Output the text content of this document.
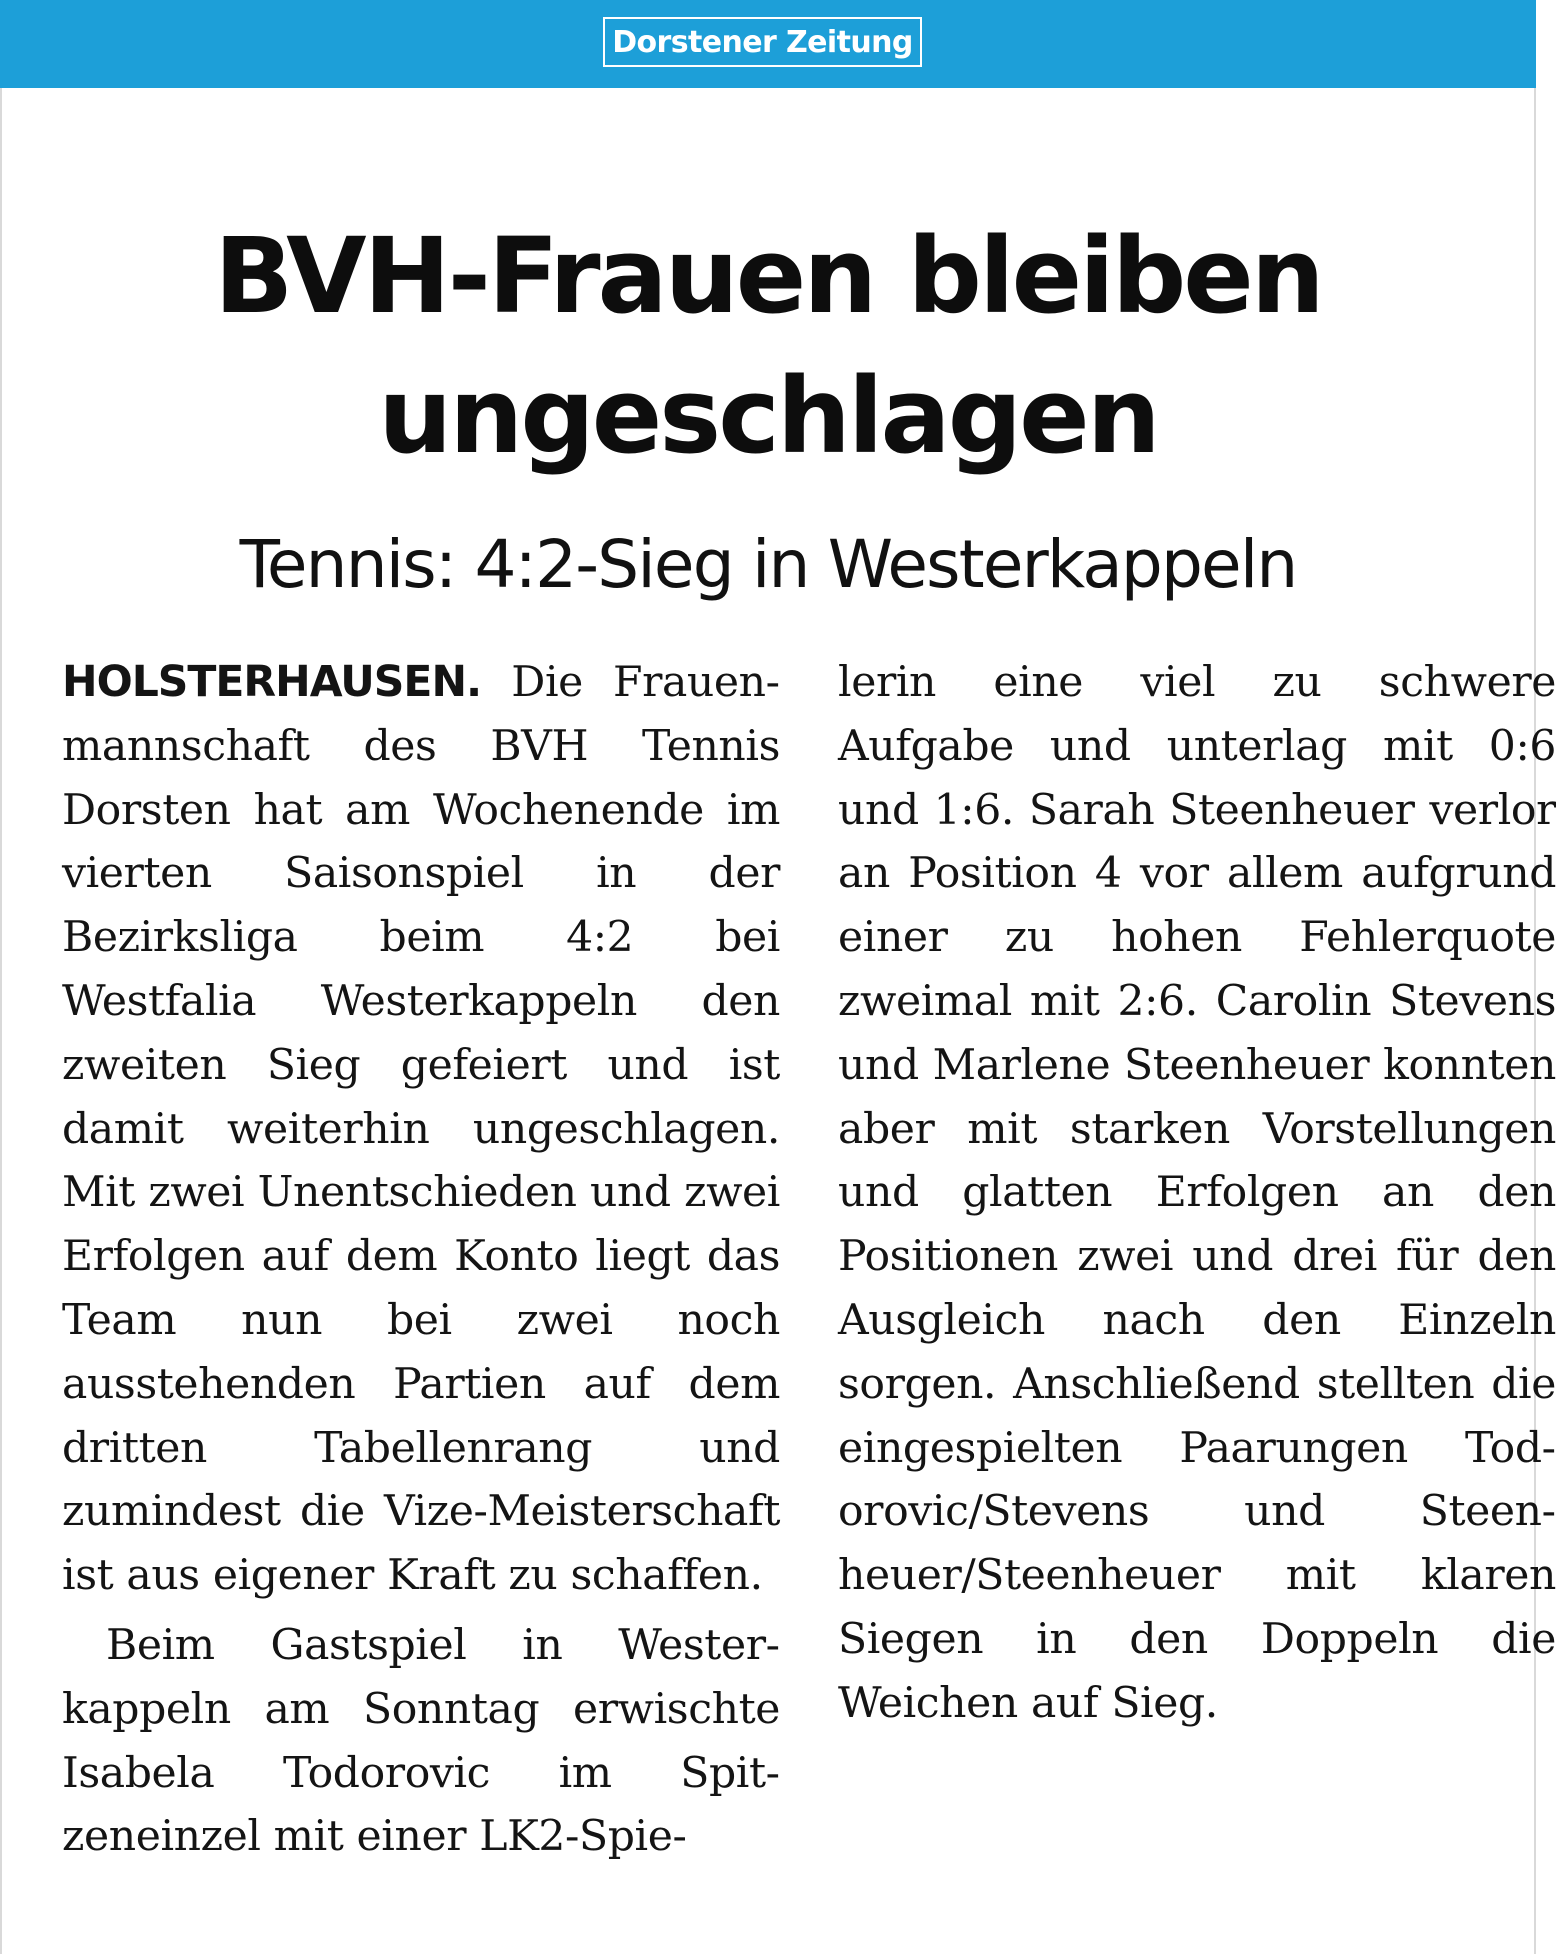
Dorstener Zeitung
BVH-Frauen bleiben
ungeschlagen
Tennis: 4:2-Sieg in Westerkappeln

HOLSTERHAUSEN. Die Frauenmannschaft des BVH Tennis Dorsten hat am Wochenende im vierten Saisonspiel in der Bezirksliga beim 4:2 bei Westfalia Westerkappeln den zweiten Sieg gefeiert und ist damit weiterhin ungeschlagen. Mit zwei Unentschieden und zwei Erfolgen auf dem Konto liegt das Team nun bei zwei noch ausstehenden Partien auf dem dritten Tabellenrang und zumindest die Vize-Meisterschaft ist aus eigener Kraft zu schaffen.

Beim Gastspiel in Westerkappeln am Sonntag erwischte Isabela Todorovic im Spitzeneinzel mit einer LK2-Spie-

lerin eine viel zu schwere Aufgabe und unterlag mit 0:6 und 1:6. Sarah Steenheuer verlor an Position 4 vor allem aufgrund einer zu hohen Fehlerquote zweimal mit 2:6. Carolin Stevens und Marlene Steenheuer konnten aber mit starken Vorstellungen und glatten Erfolgen an den Positionen zwei und drei für den Ausgleich nach den Einzeln sorgen. Anschließend stellten die eingespielten Paarungen Todorovic/Stevens und Steenheuer/Steenheuer mit klaren Siegen in den Doppeln die Weichen auf Sieg.
